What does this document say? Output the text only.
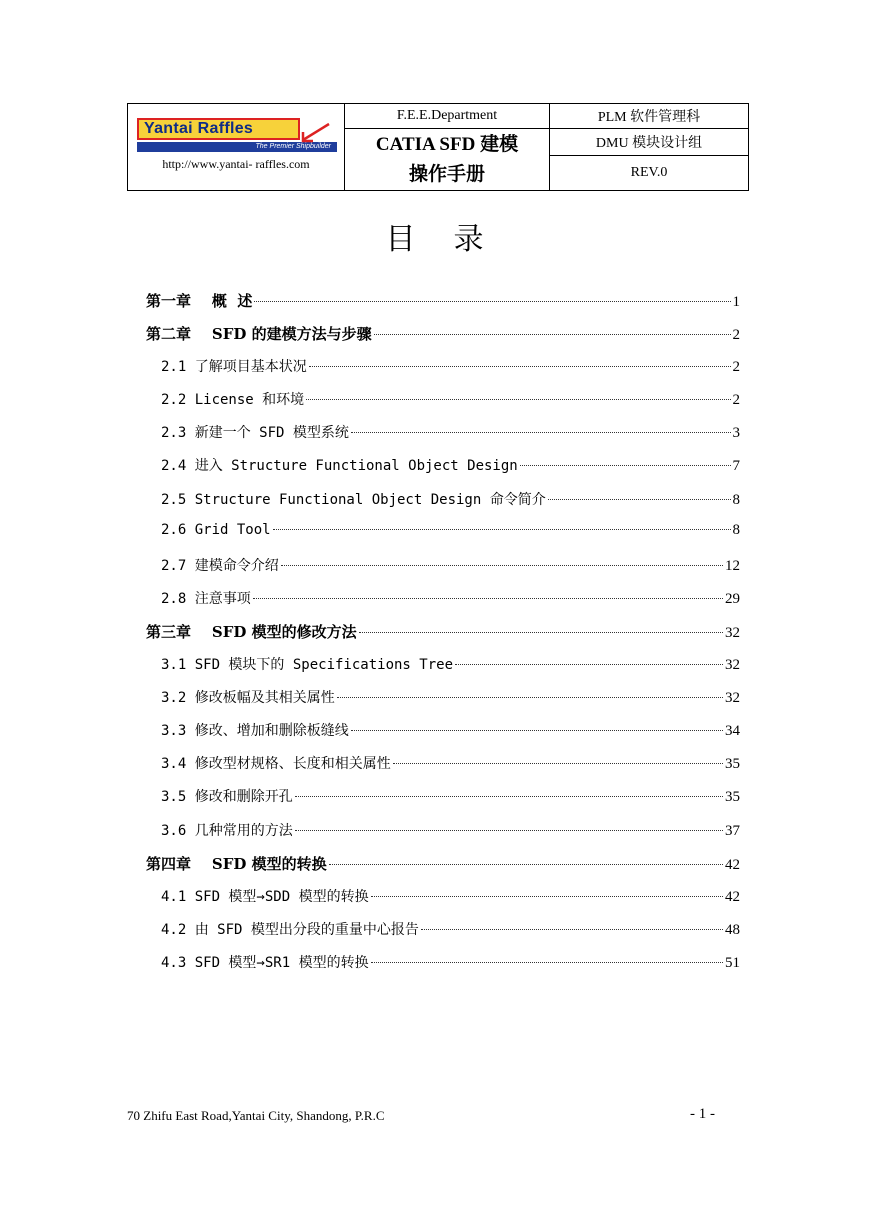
Yantai Raffles
The Premier Shipbuilder
http://www.yantai- raffles.com	F.E.E.Department	PLM 软件管理科

	CATIA SFD 建模
操作手册	DMU 模块设计组
		REV.0
目录
第一章    概  述	1
第二章    SFD 的建模方法与步骤	2
2.1 了解项目基本状况	2
2.2 License 和环境	2
2.3 新建一个 SFD 模型系统	3
2.4 进入 Structure Functional Object Design	7
2.5 Structure Functional Object Design 命令简介	8
2.6 Grid Tool	8
2.7 建模命令介绍	12
2.8 注意事项	29
第三章    SFD 模型的修改方法	32
3.1 SFD 模块下的 Specifications Tree	32
3.2 修改板幅及其相关属性	32
3.3 修改、增加和删除板缝线	34
3.4 修改型材规格、长度和相关属性	35
3.5 修改和删除开孔	35
3.6 几种常用的方法	37
第四章    SFD 模型的转换	42
4.1 SFD 模型→SDD 模型的转换	42
4.2 由 SFD 模型出分段的重量中心报告	48
4.3 SFD 模型→SR1 模型的转换	51
70 Zhifu East Road,Yantai City, Shandong, P.R.C	- 1 -
